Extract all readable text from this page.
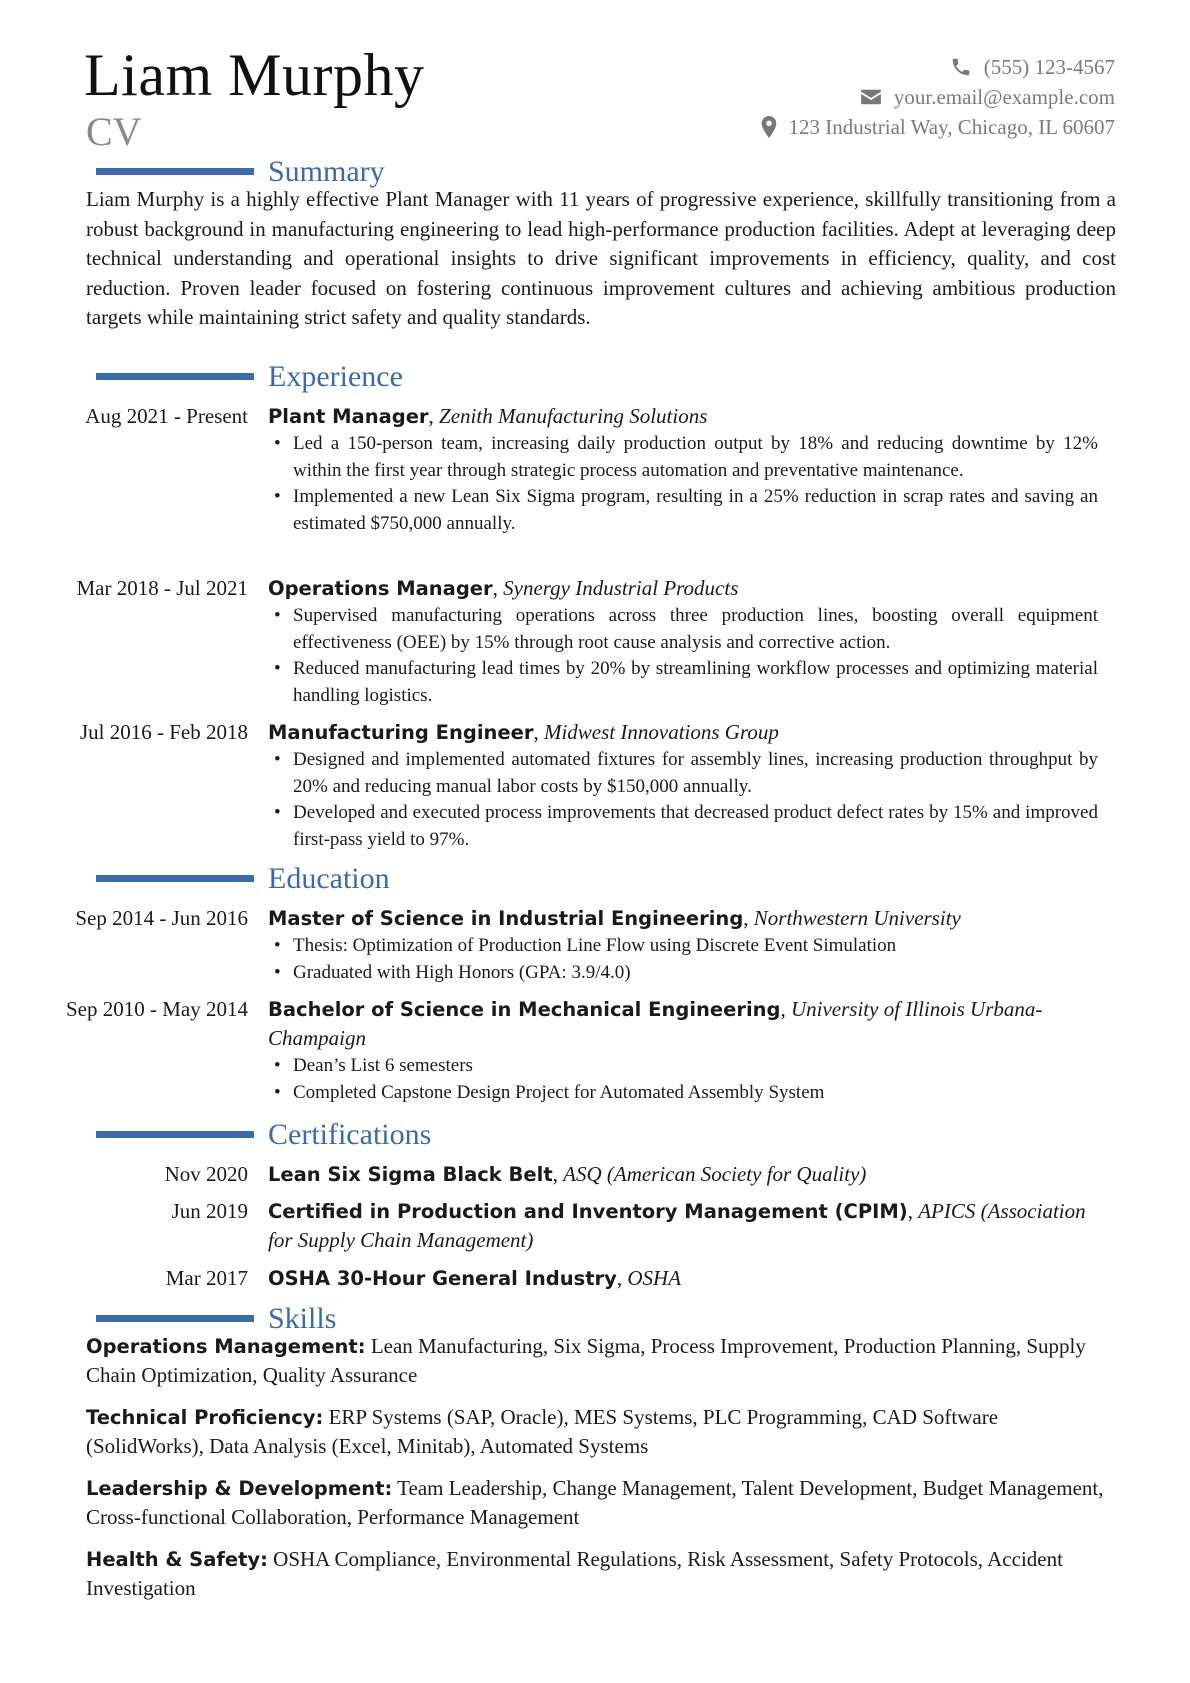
Liam Murphy
CV
(555) 123-4567
your.email@example.com
123 Industrial Way, Chicago, IL 60607
Summary
Liam Murphy is a highly effective Plant Manager with 11 years of progressive experience, skillfully transitioning from a robust background in manufacturing engineering to lead high-performance production facilities. Adept at leveraging deep technical understanding and operational insights to drive significant improvements in efficiency, quality, and cost reduction. Proven leader focused on fostering continuous improvement cultures and achieving ambitious production targets while maintaining strict safety and quality standards.
Experience
Aug 2021 - Present Plant Manager, Zenith Manufacturing Solutions
• Led a 150-person team, increasing daily production output by 18% and reducing downtime by 12% within the first year through strategic process automation and preventative maintenance.
• Implemented a new Lean Six Sigma program, resulting in a 25% reduction in scrap rates and saving an estimated $750,000 annually.
Mar 2018 - Jul 2021 Operations Manager, Synergy Industrial Products
• Supervised manufacturing operations across three production lines, boosting overall equipment effectiveness (OEE) by 15% through root cause analysis and corrective action.
• Reduced manufacturing lead times by 20% by streamlining workflow processes and optimizing material handling logistics.
Jul 2016 - Feb 2018 Manufacturing Engineer, Midwest Innovations Group
• Designed and implemented automated fixtures for assembly lines, increasing production throughput by 20% and reducing manual labor costs by $150,000 annually.
• Developed and executed process improvements that decreased product defect rates by 15% and improved first-pass yield to 97%.
Education
Sep 2014 - Jun 2016 Master of Science in Industrial Engineering, Northwestern University
• Thesis: Optimization of Production Line Flow using Discrete Event Simulation
• Graduated with High Honors (GPA: 3.9/4.0)
Sep 2010 - May 2014 Bachelor of Science in Mechanical Engineering, University of Illinois Urbana-Champaign
• Dean’s List 6 semesters
• Completed Capstone Design Project for Automated Assembly System
Certifications
Nov 2020 Lean Six Sigma Black Belt, ASQ (American Society for Quality)
Jun 2019 Certified in Production and Inventory Management (CPIM), APICS (Association for Supply Chain Management)
Mar 2017 OSHA 30-Hour General Industry, OSHA
Skills
Operations Management: Lean Manufacturing, Six Sigma, Process Improvement, Production Planning, Supply Chain Optimization, Quality Assurance
Technical Proficiency: ERP Systems (SAP, Oracle), MES Systems, PLC Programming, CAD Software (SolidWorks), Data Analysis (Excel, Minitab), Automated Systems
Leadership & Development: Team Leadership, Change Management, Talent Development, Budget Management, Cross-functional Collaboration, Performance Management
Health & Safety: OSHA Compliance, Environmental Regulations, Risk Assessment, Safety Protocols, Accident Investigation
